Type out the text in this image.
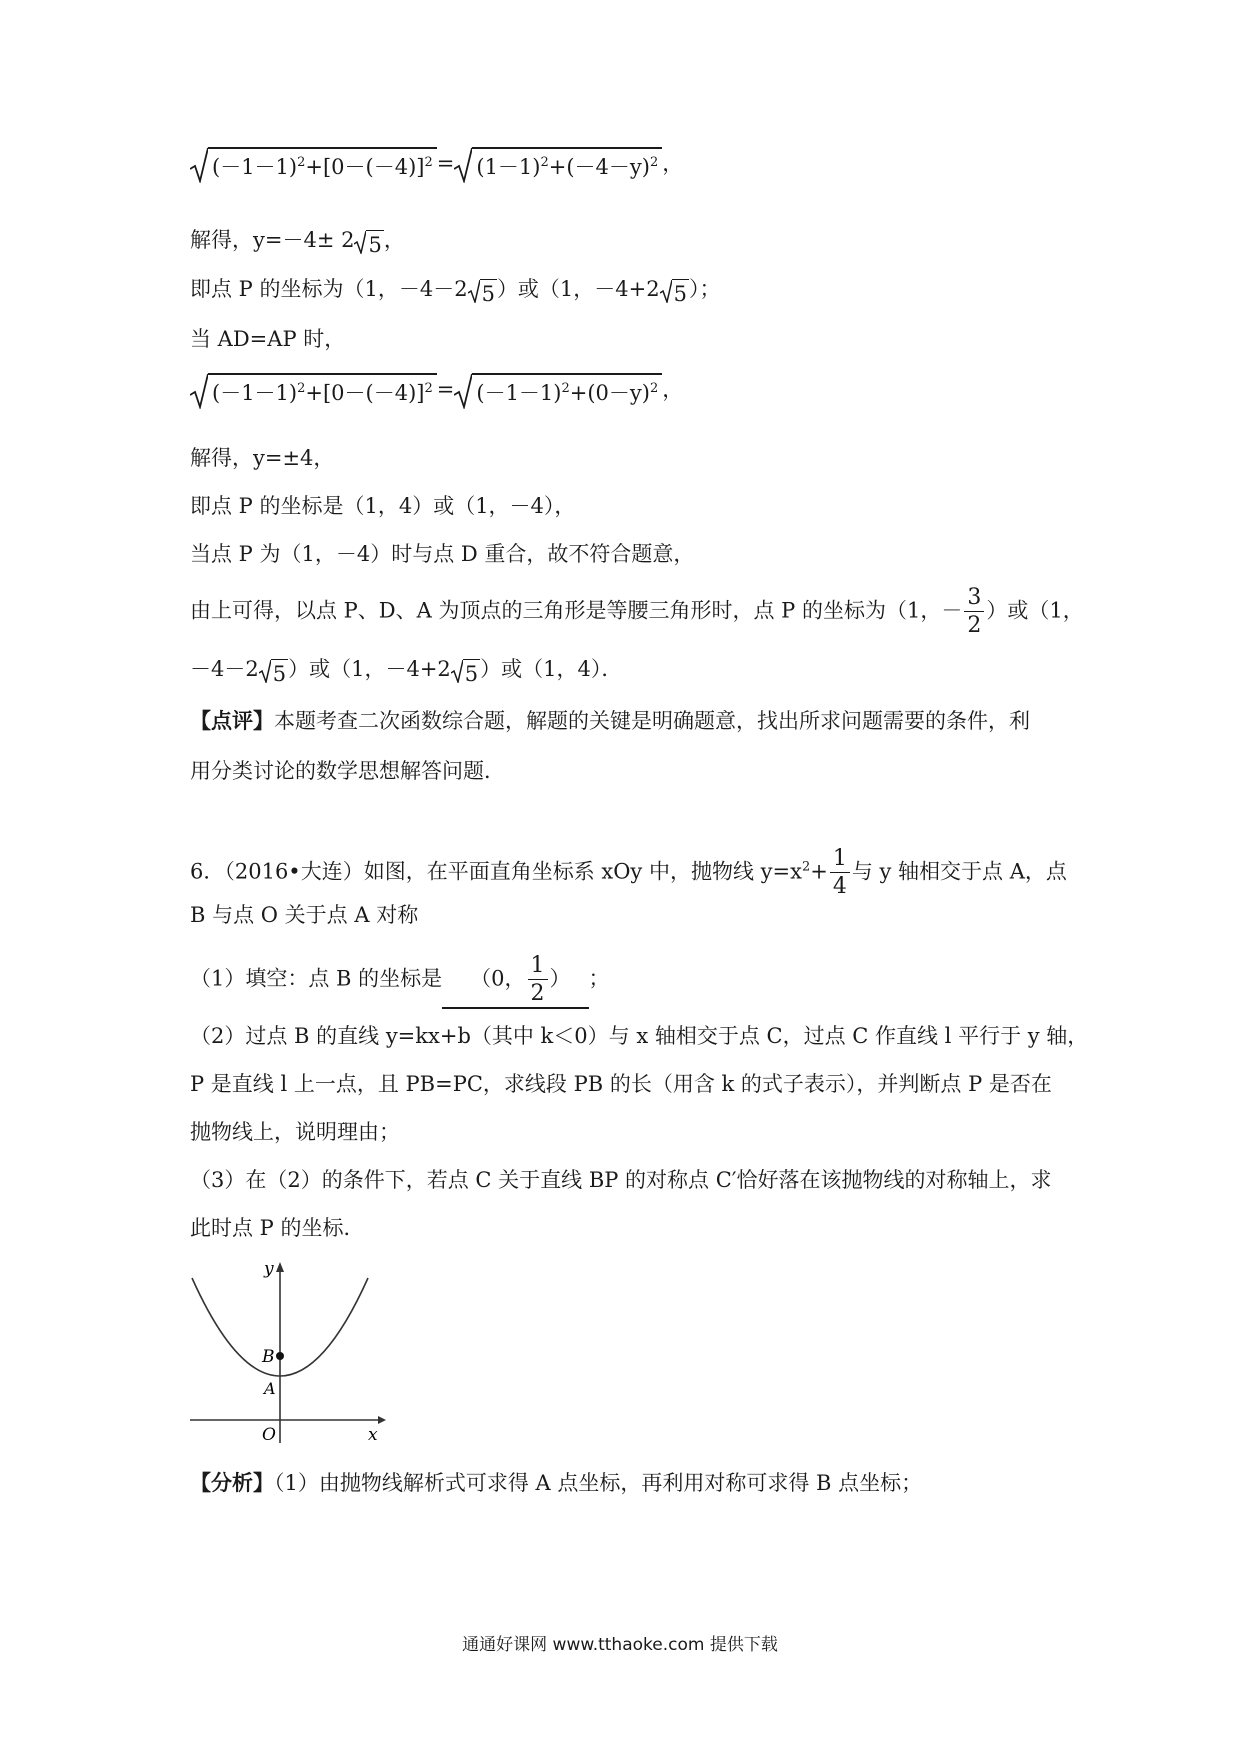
$(-1-1)^2+[0-(-4)]^2 = (1-1)^2+(-4-y)^2$ ，
解得，y=－4± 2 5，
即点 P 的坐标为（1，－4－2 5）或（1，－4+2 5）；
当 AD=AP 时，
$(-1-1)^2+[0-(-4)]^2 = (-1-1)^2+(0-y)^2$ ，
解得，y=±4，
即点 P 的坐标是（1，4）或（1，－4），
当点 P 为（1，－4）时与点 D 重合，故不符合题意，
由上可得，以点 P、D、A 为顶点的三角形是等腰三角形时，点 P 的坐标为（1，－ $\frac{3}{2}$ ）或（1，
－4－2 5）或（1，－4+2 5）或（1，4）．
【点评】本题考查二次函数综合题，解题的关键是明确题意，找出所求问题需要的条件，利
用分类讨论的数学思想解答问题．
6．（2016•大连）如图，在平面直角坐标系 xOy 中，抛物线 $y=x^2+ \frac{1}{4}$ 与 y 轴相交于点 A，点
B 与点 O 关于点 A 对称
（1）填空：点 B 的坐标是 （0， $\frac{1}{2}$ ） ；
（2）过点 B 的直线 y=kx+b（其中 k＜0）与 x 轴相交于点 C，过点 C 作直线 l 平行于 y 轴，
P 是直线 l 上一点，且 PB=PC，求线段 PB 的长（用含 k 的式子表示），并判断点 P 是否在
抛物线上，说明理由；
（3）在（2）的条件下，若点 C 关于直线 BP 的对称点 C′恰好落在该抛物线的对称轴上，求
此时点 P 的坐标．
y
x
O
A
B
【分析】（1）由抛物线解析式可求得 A 点坐标，再利用对称可求得 B 点坐标；
通通好课网 www.tthaoke.com 提供下载
